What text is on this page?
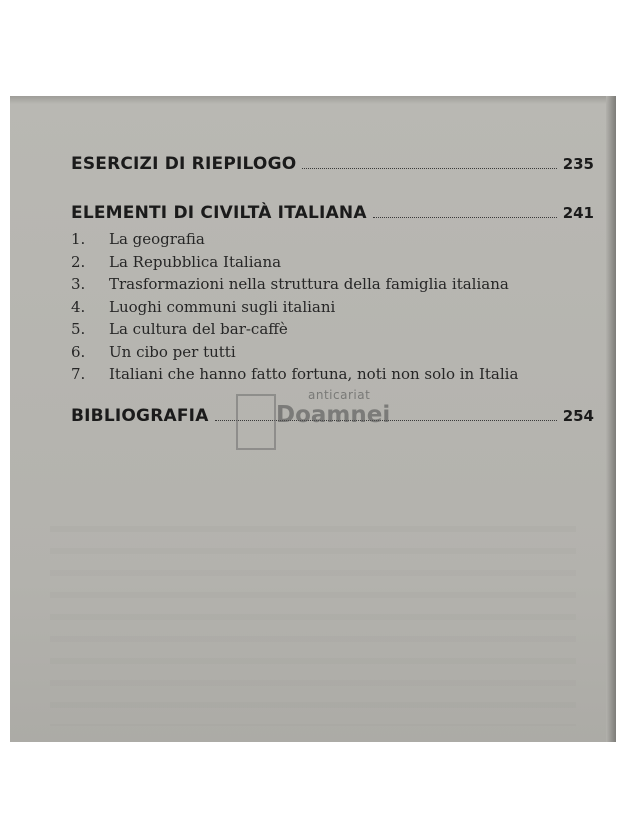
ESERCIZI DI RIEPILOGO	235
ELEMENTI DI CIVILTÀ ITALIANA	241
1.	La geografia
2.	La Repubblica Italiana
3.	Trasformazioni nella struttura della famiglia italiana
4.	Luoghi communi sugli italiani
5.	La cultura del bar-caffè
6.	Un cibo per tutti
7.	Italiani che hanno fatto fortuna, noti non solo in Italia
BIBLIOGRAFIA	254
anticariat
Doamnei
